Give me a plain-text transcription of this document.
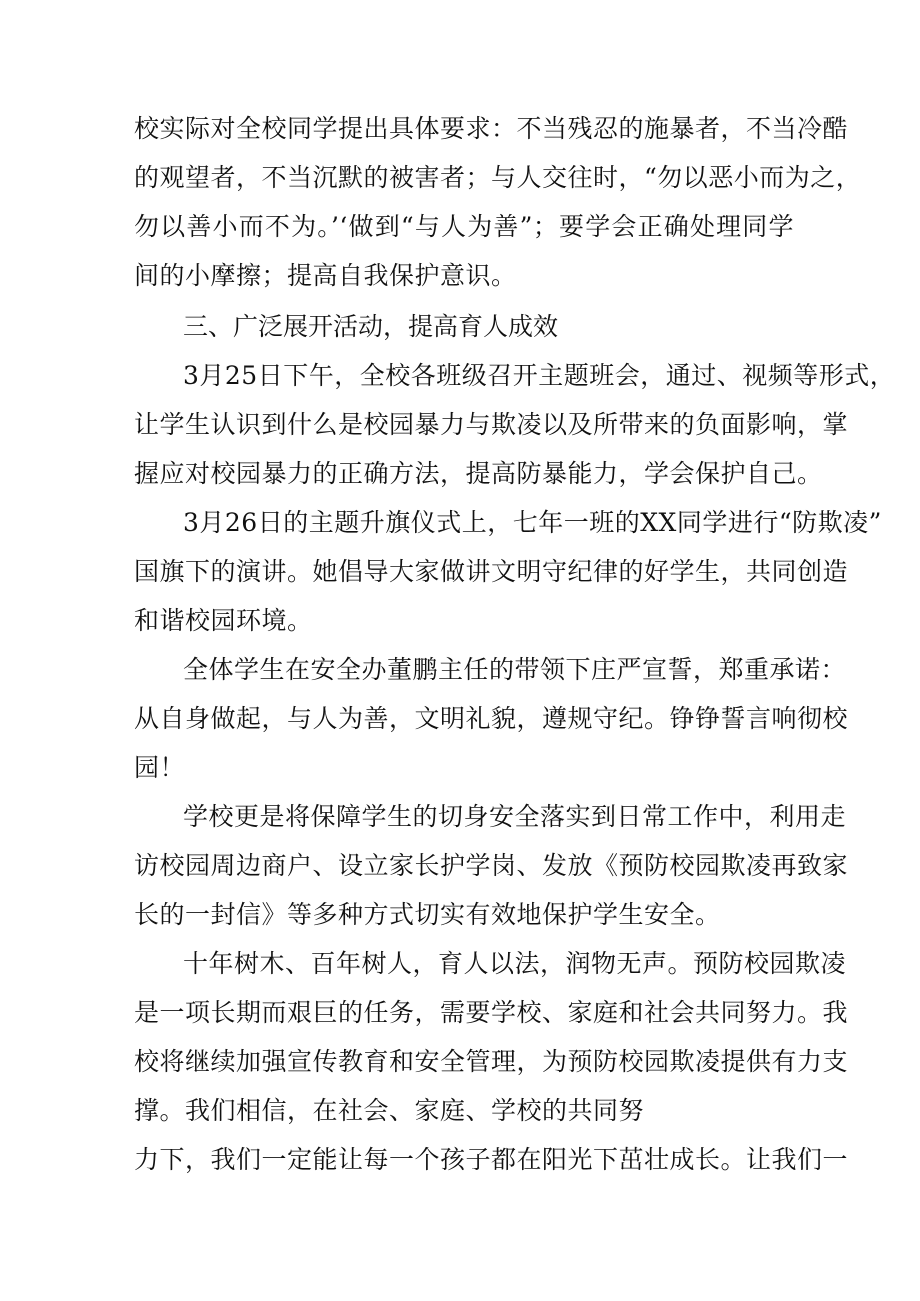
校实际对全校同学提出具体要求：不当残忍的施暴者，不当冷酷
的观望者，不当沉默的被害者；与人交往时，“勿以恶小而为之，
勿以善小而不为。’‘做到“与人为善”；要学会正确处理同学
间的小摩擦；提高自我保护意识。
三、广泛展开活动，提高育人成效
3月25日下午，全校各班级召开主题班会，通过、视频等形式，
让学生认识到什么是校园暴力与欺凌以及所带来的负面影响，掌
握应对校园暴力的正确方法，提高防暴能力，学会保护自己。
3月26日的主题升旗仪式上，七年一班的XX同学进行“防欺凌”
国旗下的演讲。她倡导大家做讲文明守纪律的好学生，共同创造
和谐校园环境。
全体学生在安全办董鹏主任的带领下庄严宣誓，郑重承诺：
从自身做起，与人为善，文明礼貌，遵规守纪。铮铮誓言响彻校
园！
学校更是将保障学生的切身安全落实到日常工作中，利用走
访校园周边商户、设立家长护学岗、发放《预防校园欺凌再致家
长的一封信》等多种方式切实有效地保护学生安全。
十年树木、百年树人，育人以法，润物无声。预防校园欺凌
是一项长期而艰巨的任务，需要学校、家庭和社会共同努力。我
校将继续加强宣传教育和安全管理，为预防校园欺凌提供有力支
撑。我们相信，在社会、家庭、学校的共同努
力下，我们一定能让每一个孩子都在阳光下茁壮成长。让我们一
